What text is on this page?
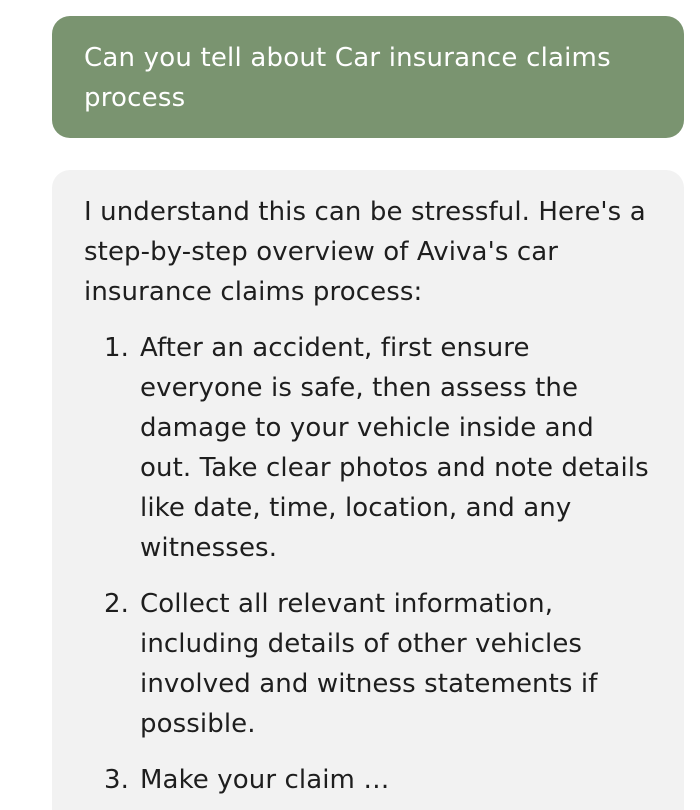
Can you tell about Car insurance claims process

I understand this can be stressful. Here's a step-by-step overview of Aviva's car insurance claims process:

1. After an accident, first ensure everyone is safe, then assess the damage to your vehicle inside and out. Take clear photos and note details like date, time, location, and any witnesses.
2. Collect all relevant information, including details of other vehicles involved and witness statements if possible.
3. Make your claim …
